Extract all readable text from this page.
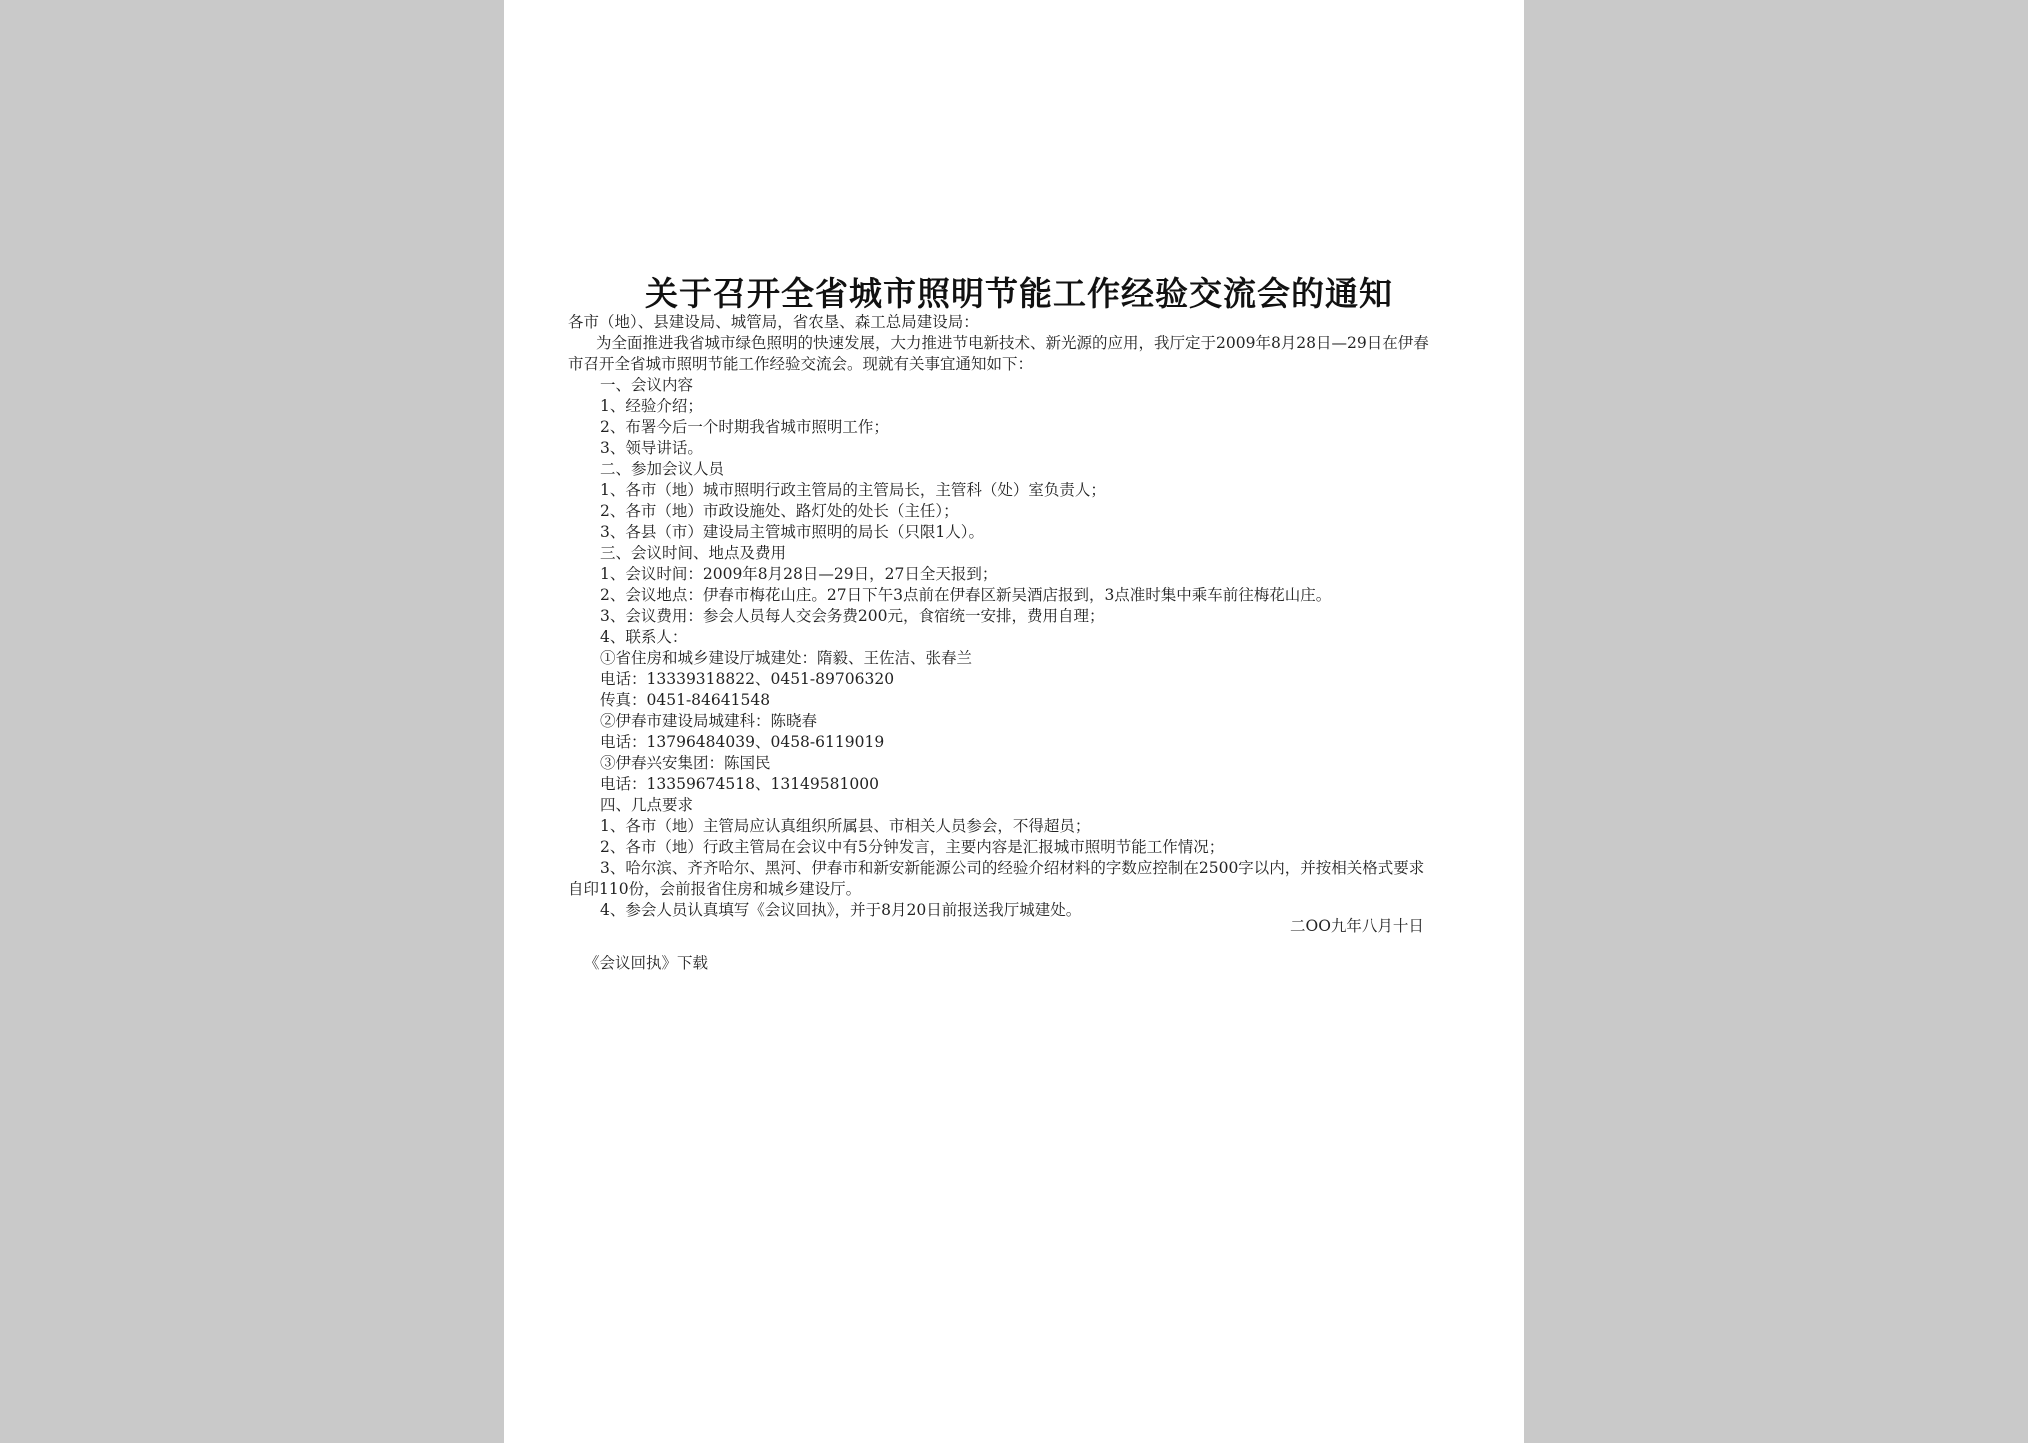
关于召开全省城市照明节能工作经验交流会的通知
各市（地）、县建设局、城管局，省农垦、森工总局建设局：
为全面推进我省城市绿色照明的快速发展，大力推进节电新技术、新光源的应用，我厅定于2009年8月28日—29日在伊春
市召开全省城市照明节能工作经验交流会。现就有关事宜通知如下：
一、会议内容
1、经验介绍；
2、布署今后一个时期我省城市照明工作；
3、领导讲话。
二、参加会议人员
1、各市（地）城市照明行政主管局的主管局长，主管科（处）室负责人；
2、各市（地）市政设施处、路灯处的处长（主任）；
3、各县（市）建设局主管城市照明的局长（只限1人）。
三、会议时间、地点及费用
1、会议时间：2009年8月28日—29日，27日全天报到；
2、会议地点：伊春市梅花山庄。27日下午3点前在伊春区新吴酒店报到，3点准时集中乘车前往梅花山庄。
3、会议费用：参会人员每人交会务费200元，食宿统一安排，费用自理；
4、联系人：
①省住房和城乡建设厅城建处：隋毅、王佐洁、张春兰
电话：13339318822、0451-89706320
传真：0451-84641548
②伊春市建设局城建科：陈晓春
电话：13796484039、0458-6119019
③伊春兴安集团：陈国民
电话：13359674518、13149581000
四、几点要求
1、各市（地）主管局应认真组织所属县、市相关人员参会，不得超员；
2、各市（地）行政主管局在会议中有5分钟发言，主要内容是汇报城市照明节能工作情况；
3、哈尔滨、齐齐哈尔、黑河、伊春市和新安新能源公司的经验介绍材料的字数应控制在2500字以内，并按相关格式要求
自印110份，会前报省住房和城乡建设厅。
4、参会人员认真填写《会议回执》，并于8月20日前报送我厅城建处。
二OO九年八月十日
《会议回执》下载
